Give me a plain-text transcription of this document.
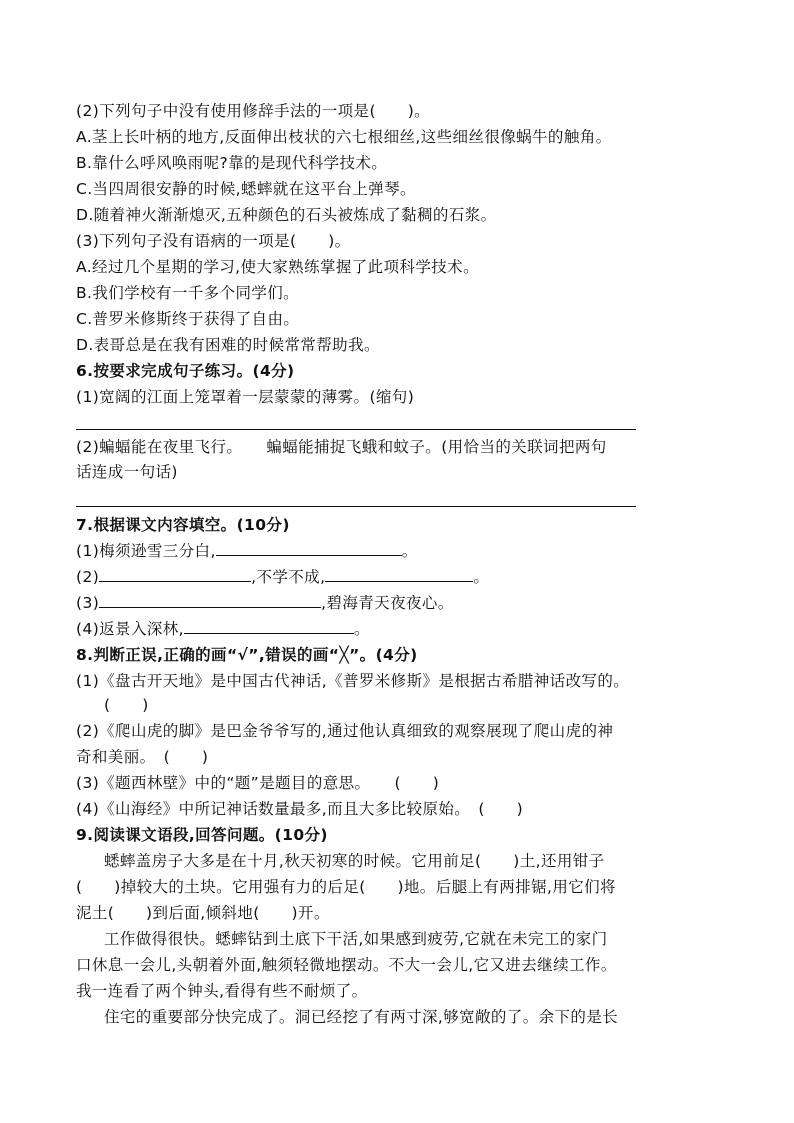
(2)下列句子中没有使用修辞手法的一项是(　　)。
A.茎上长叶柄的地方,反面伸出枝状的六七根细丝,这些细丝很像蜗牛的触角。
B.靠什么呼风唤雨呢?靠的是现代科学技术。
C.当四周很安静的时候,蟋蟀就在这平台上弹琴。
D.随着神火渐渐熄灭,五种颜色的石头被炼成了黏稠的石浆。
(3)下列句子没有语病的一项是(　　)。
A.经过几个星期的学习,使大家熟练掌握了此项科学技术。
B.我们学校有一千多个同学们。
C.普罗米修斯终于获得了自由。
D.表哥总是在我有困难的时候常常帮助我。
6.按要求完成句子练习。(4分)
(1)宽阔的江面上笼罩着一层蒙蒙的薄雾。(缩句)
(2)蝙蝠能在夜里飞行。　　蝙蝠能捕捉飞蛾和蚊子。(用恰当的关联词把两句
话连成一句话)
7.根据课文内容填空。(10分)
(1)梅须逊雪三分白,	。
(2)	,不学不成,	。
(3)	,碧海青天夜夜心。
(4)返景入深林,	。
8.判断正误,正确的画“√”,错误的画“╳”。(4分)
(1)《盘古开天地》是中国古代神话,《普罗米修斯》是根据古希腊神话改写的。
(　　)
(2)《爬山虎的脚》是巴金爷爷写的,通过他认真细致的观察展现了爬山虎的神
奇和美丽。　(　　)
(3)《题西林壁》中的“题”是题目的意思。　　(　　)
(4)《山海经》中所记神话数量最多,而且大多比较原始。　(　　)
9.阅读课文语段,回答问题。(10分)
蟋蟀盖房子大多是在十月,秋天初寒的时候。它用前足(　　)土,还用钳子
(　　)掉较大的土块。它用强有力的后足(　　)地。后腿上有两排锯,用它们将
泥土(　　)到后面,倾斜地(　　)开。
工作做得很快。蟋蟀钻到土底下干活,如果感到疲劳,它就在未完工的家门
口休息一会儿,头朝着外面,触须轻微地摆动。不大一会儿,它又进去继续工作。
我一连看了两个钟头,看得有些不耐烦了。
住宅的重要部分快完成了。洞已经挖了有两寸深,够宽敞的了。余下的是长
